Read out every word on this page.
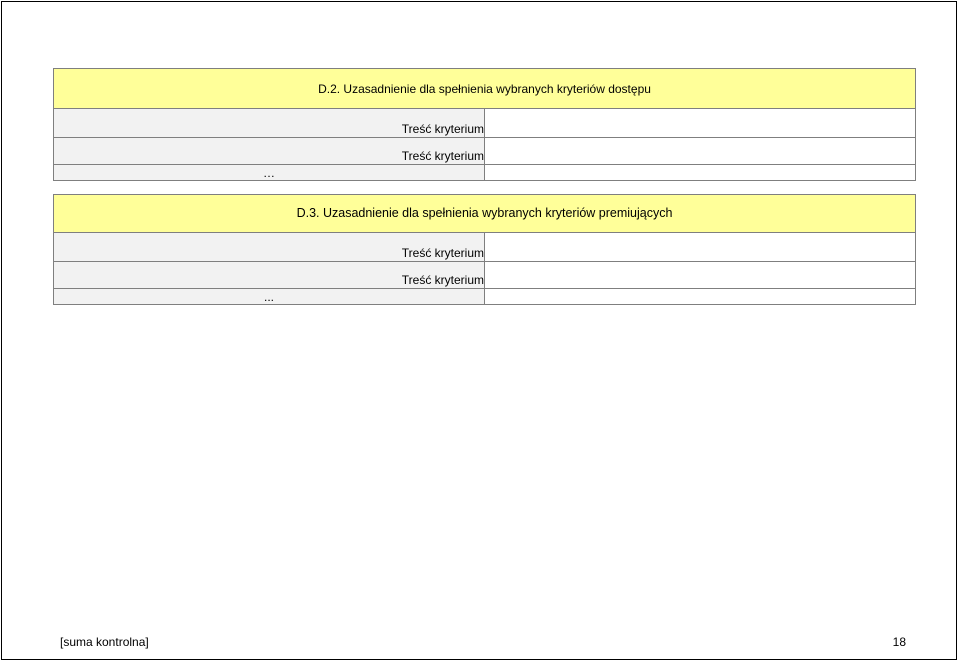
D.2. Uzasadnienie dla spełnienia wybranych kryteriów dostępu	
Treść kryterium	
Treść kryterium	
…	
D.3. Uzasadnienie dla spełnienia wybranych kryteriów premiujących	
Treść kryterium	
Treść kryterium	
...	
[suma kontrolna]	18
